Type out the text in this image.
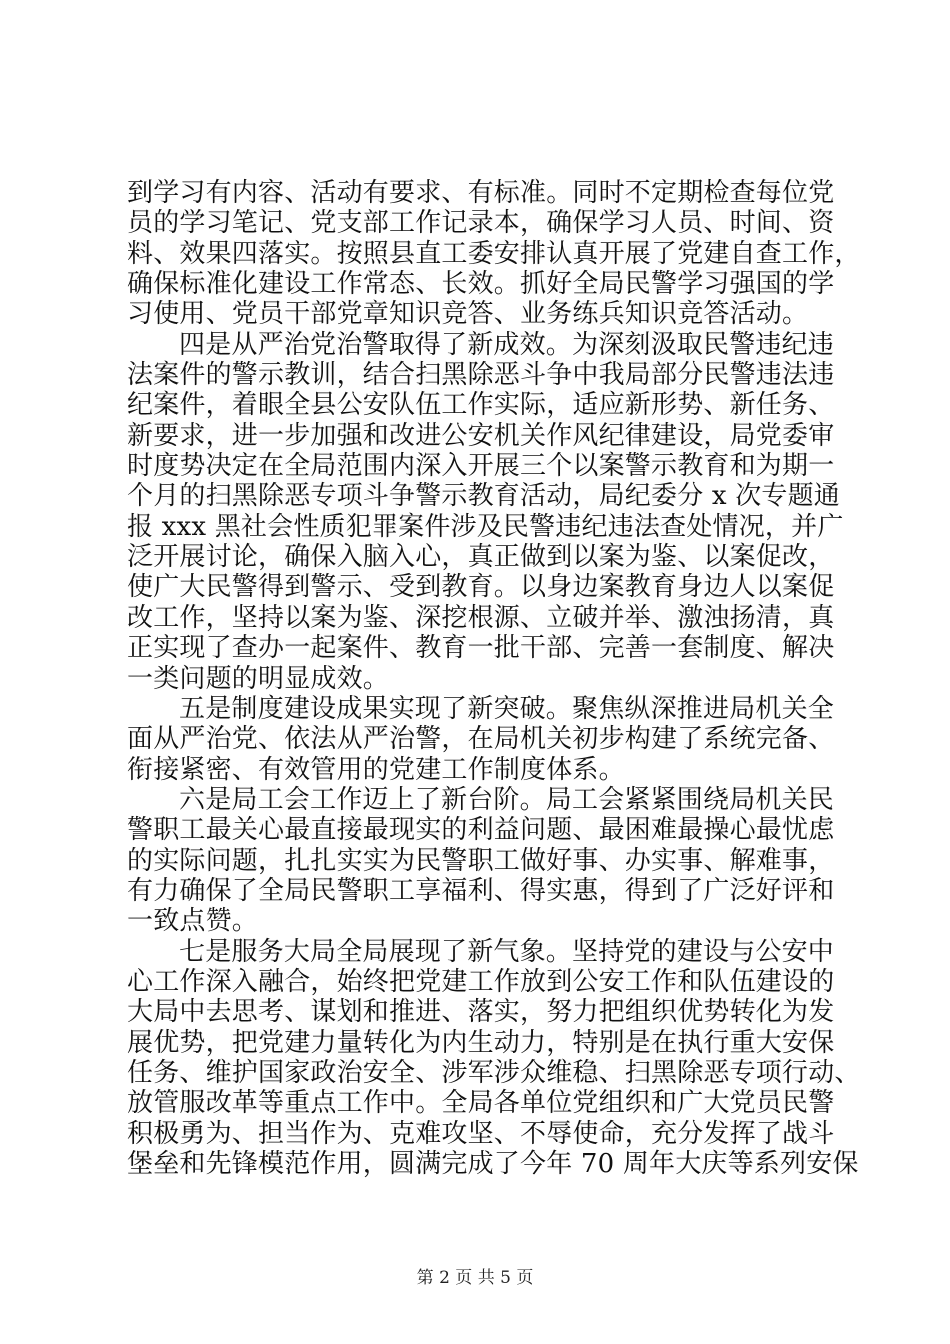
到学习有内容、活动有要求、有标准。同时不定期检查每位党
员的学习笔记、党支部工作记录本，确保学习人员、时间、资
料、效果四落实。按照县直工委安排认真开展了党建自查工作，
确保标准化建设工作常态、长效。抓好全局民警学习强国的学
习使用、党员干部党章知识竞答、业务练兵知识竞答活动。
四是从严治党治警取得了新成效。为深刻汲取民警违纪违
法案件的警示教训，结合扫黑除恶斗争中我局部分民警违法违
纪案件，着眼全县公安队伍工作实际，适应新形势、新任务、
新要求，进一步加强和改进公安机关作风纪律建设，局党委审
时度势决定在全局范围内深入开展三个以案警示教育和为期一
个月的扫黑除恶专项斗争警示教育活动，局纪委分 x 次专题通
报 xxx 黑社会性质犯罪案件涉及民警违纪违法查处情况，并广
泛开展讨论，确保入脑入心，真正做到以案为鉴、以案促改，
使广大民警得到警示、受到教育。以身边案教育身边人以案促
改工作，坚持以案为鉴、深挖根源、立破并举、激浊扬清，真
正实现了查办一起案件、教育一批干部、完善一套制度、解决
一类问题的明显成效。
五是制度建设成果实现了新突破。聚焦纵深推进局机关全
面从严治党、依法从严治警，在局机关初步构建了系统完备、
衔接紧密、有效管用的党建工作制度体系。
六是局工会工作迈上了新台阶。局工会紧紧围绕局机关民
警职工最关心最直接最现实的利益问题、最困难最操心最忧虑
的实际问题，扎扎实实为民警职工做好事、办实事、解难事，
有力确保了全局民警职工享福利、得实惠，得到了广泛好评和
一致点赞。
七是服务大局全局展现了新气象。坚持党的建设与公安中
心工作深入融合，始终把党建工作放到公安工作和队伍建设的
大局中去思考、谋划和推进、落实，努力把组织优势转化为发
展优势，把党建力量转化为内生动力，特别是在执行重大安保
任务、维护国家政治安全、涉军涉众维稳、扫黑除恶专项行动、
放管服改革等重点工作中。全局各单位党组织和广大党员民警
积极勇为、担当作为、克难攻坚、不辱使命，充分发挥了战斗
堡垒和先锋模范作用，圆满完成了今年 70 周年大庆等系列安保
第 2 页 共 5 页
